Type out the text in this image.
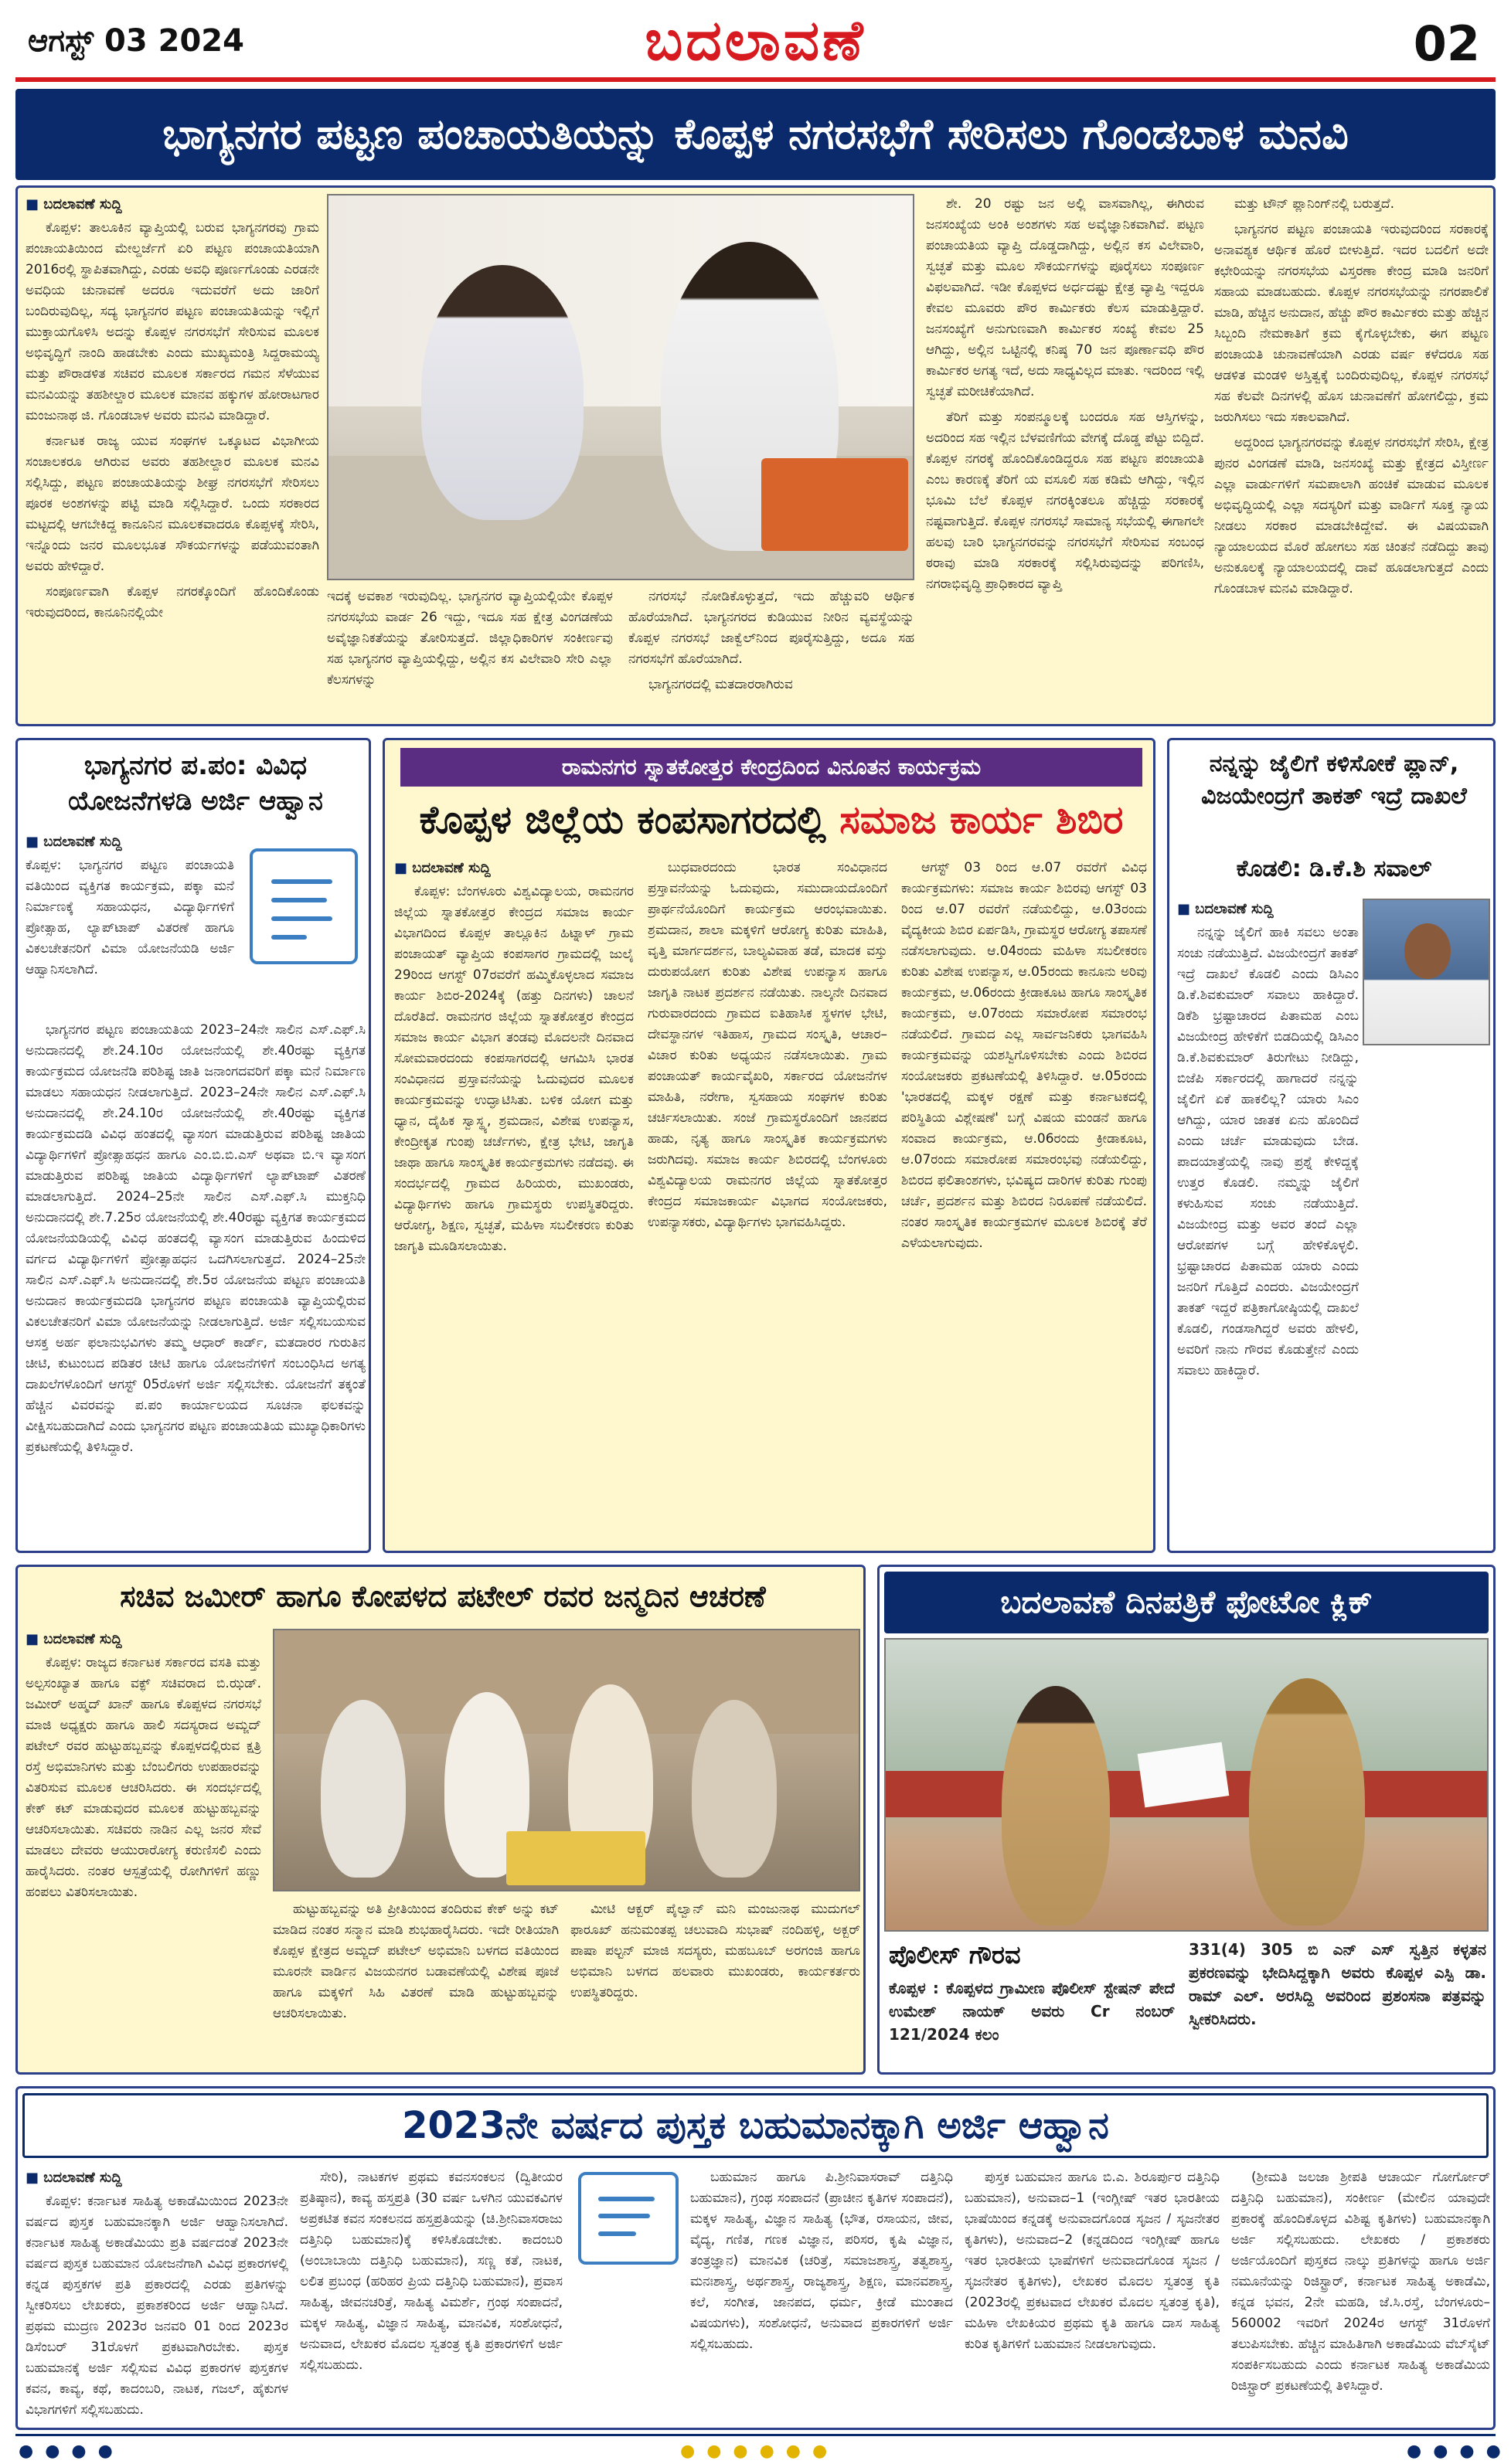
ಆಗಸ್ಟ್ 03 2024	ಬದಲಾವಣೆ	02
ಭಾಗ್ಯನಗರ ಪಟ್ಟಣ ಪಂಚಾಯತಿಯನ್ನು ಕೊಪ್ಪಳ ನಗರಸಭೆಗೆ ಸೇರಿಸಲು ಗೊಂಡಬಾಳ ಮನವಿ
■ ಬದಲಾವಣೆ ಸುದ್ದಿ
ಕೊಪ್ಪಳ: ತಾಲೂಕಿನ ವ್ಯಾಪ್ತಿಯಲ್ಲಿ ಬರುವ ಭಾಗ್ಯನಗರವು ಗ್ರಾಮ ಪಂಚಾಯತಿಯಿಂದ ಮೇಲ್ದರ್ಜೆಗೆ ಏರಿ ಪಟ್ಟಣ ಪಂಚಾಯತಿಯಾಗಿ 2016ರಲ್ಲಿ ಸ್ಥಾಪಿತವಾಗಿದ್ದು, ಎರಡು ಅವಧಿ ಪೂರ್ಣಗೊಂಡು ಎರಡನೇ ಅವಧಿಯ ಚುನಾವಣೆ ಅದರೂ ಇದುವರೆಗೆ ಅದು ಜಾರಿಗೆ ಬಂದಿರುವುದಿಲ್ಲ, ಸದ್ಯ ಭಾಗ್ಯನಗರ ಪಟ್ಟಣ ಪಂಚಾಯತಿಯನ್ನು ಇಲ್ಲಿಗೆ ಮುಕ್ತಾಯಗೊಳಿಸಿ ಅದನ್ನು ಕೊಪ್ಪಳ ನಗರಸಭೆಗೆ ಸೇರಿಸುವ ಮೂಲಕ ಅಭಿವೃದ್ಧಿಗೆ ನಾಂದಿ ಹಾಡಬೇಕು ಎಂದು ಮುಖ್ಯಮಂತ್ರಿ ಸಿದ್ದರಾಮಯ್ಯ ಮತ್ತು ಪೌರಾಡಳಿತ ಸಚಿವರ ಮೂಲಕ ಸರ್ಕಾರದ ಗಮನ ಸೆಳೆಯುವ ಮನವಿಯನ್ನು ತಹಶೀಲ್ದಾರ ಮೂಲಕ ಮಾನವ ಹಕ್ಕುಗಳ ಹೋರಾಟಗಾರ ಮಂಜುನಾಥ ಜಿ. ಗೊಂಡಬಾಳ ಅವರು ಮನವಿ ಮಾಡಿದ್ದಾರೆ.
ಕರ್ನಾಟಕ ರಾಜ್ಯ ಯುವ ಸಂಘಗಳ ಒಕ್ಕೂಟದ ವಿಭಾಗೀಯ ಸಂಚಾಲಕರೂ ಆಗಿರುವ ಅವರು ತಹಶೀಲ್ದಾರ ಮೂಲಕ ಮನವಿ ಸಲ್ಲಿಸಿದ್ದು, ಪಟ್ಟಣ ಪಂಚಾಯತಿಯನ್ನು ಶೀಘ್ರ ನಗರಸಭೆಗೆ ಸೇರಿಸಲು ಪೂರಕ ಅಂಶಗಳನ್ನು ಪಟ್ಟಿ ಮಾಡಿ ಸಲ್ಲಿಸಿದ್ದಾರೆ. ಒಂದು ಸರಕಾರದ ಮಟ್ಟದಲ್ಲಿ ಆಗಬೇಕಿದ್ದ ಕಾನೂನಿನ ಮೂಲಕವಾದರೂ ಕೊಪ್ಪಳಕ್ಕೆ ಸೇರಿಸಿ, ಇನ್ನೊಂದು ಜನರ ಮೂಲಭೂತ ಸೌಕರ್ಯಗಳನ್ನು ಪಡೆಯುವಂತಾಗಿ ಅವರು ಹೇಳಿದ್ದಾರೆ.
ಸಂಪೂರ್ಣವಾಗಿ ಕೊಪ್ಪಳ ನಗರಕ್ಕೊಂದಿಗೆ ಹೊಂದಿಕೊಂಡು ಇರುವುದರಿಂದ, ಕಾನೂನಿನಲ್ಲಿಯೇ
ಇದಕ್ಕೆ ಅವಕಾಶ ಇರುವುದಿಲ್ಲ. ಭಾಗ್ಯನಗರ ವ್ಯಾಪ್ತಿಯಲ್ಲಿಯೇ ಕೊಪ್ಪಳ ನಗರಸಭೆಯ ವಾರ್ಡ 26 ಇದ್ದು, ಇದೂ ಸಹ ಕ್ಷೇತ್ರ ವಿಂಗಡಣೆಯ ಅವೈಜ್ಞಾನಿಕತೆಯನ್ನು ತೋರಿಸುತ್ತದೆ. ಜಿಲ್ಲಾಧಿಕಾರಿಗಳ ಸಂಕೀರ್ಣವು ಸಹ ಭಾಗ್ಯನಗರ ವ್ಯಾಪ್ತಿಯಲ್ಲಿದ್ದು, ಅಲ್ಲಿನ ಕಸ ವಿಲೇವಾರಿ ಸೇರಿ ಎಲ್ಲಾ ಕೆಲಸಗಳನ್ನು
ನಗರಸಭೆ ನೋಡಿಕೊಳ್ಳುತ್ತದೆ, ಇದು ಹೆಚ್ಚುವರಿ ಆರ್ಥಿಕ ಹೊರೆಯಾಗಿದೆ. ಭಾಗ್ಯನಗರದ ಕುಡಿಯುವ ನೀರಿನ ವ್ಯವಸ್ಥೆಯನ್ನು ಕೊಪ್ಪಳ ನಗರಸಭೆ ಜಾಕ್ವೆಲ್‌ನಿಂದ ಪೂರೈಸುತ್ತಿದ್ದು, ಅದೂ ಸಹ ನಗರಸಭೆಗೆ ಹೊರೆಯಾಗಿದೆ.
ಭಾಗ್ಯನಗರದಲ್ಲಿ ಮತದಾರರಾಗಿರುವ
ಶೇ. 20 ರಷ್ಟು ಜನ ಅಲ್ಲಿ ವಾಸವಾಗಿಲ್ಲ, ಈಗಿರುವ ಜನಸಂಖ್ಯೆಯ ಅಂಕಿ ಅಂಶಗಳು ಸಹ ಅವೈಜ್ಞಾನಿಕವಾಗಿವೆ. ಪಟ್ಟಣ ಪಂಚಾಯತಿಯ ವ್ಯಾಪ್ತಿ ದೊಡ್ಡದಾಗಿದ್ದು, ಅಲ್ಲಿನ ಕಸ ವಿಲೇವಾರಿ, ಸ್ವಚ್ಛತೆ ಮತ್ತು ಮೂಲ ಸೌಕರ್ಯಗಳನ್ನು ಪೂರೈಸಲು ಸಂಪೂರ್ಣ ವಿಫಲವಾಗಿದೆ. ಇಡೀ ಕೊಪ್ಪಳದ ಅರ್ಧದಷ್ಟು ಕ್ಷೇತ್ರ ವ್ಯಾಪ್ತಿ ಇದ್ದರೂ ಕೇವಲ ಮೂವರು ಪೌರ ಕಾರ್ಮಿಕರು ಕೆಲಸ ಮಾಡುತ್ತಿದ್ದಾರೆ. ಜನಸಂಖ್ಯೆಗೆ ಅನುಗುಣವಾಗಿ ಕಾರ್ಮಿಕರ ಸಂಖ್ಯೆ ಕೇವಲ 25 ಆಗಿದ್ದು, ಅಲ್ಲಿನ ಒಟ್ಟಿನಲ್ಲಿ ಕನಿಷ್ಠ 70 ಜನ ಪೂರ್ಣಾವಧಿ ಪೌರ ಕಾರ್ಮಿಕರ ಅಗತ್ಯ ಇದೆ, ಅದು ಸಾಧ್ಯವಿಲ್ಲದ ಮಾತು. ಇದರಿಂದ ಇಲ್ಲಿ ಸ್ವಚ್ಛತೆ ಮರೀಚಿಕೆಯಾಗಿದೆ.
ತೆರಿಗೆ ಮತ್ತು ಸಂಪನ್ಮೂಲಕ್ಕೆ ಬಂದರೂ ಸಹ ಆಸ್ತಿಗಳನ್ನು, ಅದರಿಂದ ಸಹ ಇಲ್ಲಿನ ಬೆಳವಣಿಗೆಯ ವೇಗಕ್ಕೆ ದೊಡ್ಡ ಪೆಟ್ಟು ಬಿದ್ದಿದೆ. ಕೊಪ್ಪಳ ನಗರಕ್ಕೆ ಹೊಂದಿಕೊಂಡಿದ್ದರೂ ಸಹ ಪಟ್ಟಣ ಪಂಚಾಯತಿ ಎಂಬ ಕಾರಣಕ್ಕೆ ತೆರಿಗೆ ಯ ವಸೂಲಿ ಸಹ ಕಡಿಮೆ ಆಗಿದ್ದು, ಇಲ್ಲಿನ ಭೂಮಿ ಬೆಲೆ ಕೊಪ್ಪಳ ನಗರಕ್ಕಿಂತಲೂ ಹೆಚ್ಚಿದ್ದು ಸರಕಾರಕ್ಕೆ ನಷ್ಟವಾಗುತ್ತಿದೆ. ಕೊಪ್ಪಳ ನಗರಸಭೆ ಸಾಮಾನ್ಯ ಸಭೆಯಲ್ಲಿ ಈಗಾಗಲೇ ಹಲವು ಬಾರಿ ಭಾಗ್ಯನಗರವನ್ನು ನಗರಸಭೆಗೆ ಸೇರಿಸುವ ಸಂಬಂಧ ಠರಾವು ಮಾಡಿ ಸರಕಾರಕ್ಕೆ ಸಲ್ಲಿಸಿರುವುದನ್ನು ಪರಿಗಣಿಸಿ, ನಗರಾಭಿವೃದ್ಧಿ ಪ್ರಾಧಿಕಾರದ ವ್ಯಾಪ್ತಿ
ಮತ್ತು ಟೌನ್ ಪ್ಲಾನಿಂಗ್‌ನಲ್ಲಿ ಬರುತ್ತದೆ.
ಭಾಗ್ಯನಗರ ಪಟ್ಟಣ ಪಂಚಾಯತಿ ಇರುವುದರಿಂದ ಸರಕಾರಕ್ಕೆ ಅನಾವಶ್ಯಕ ಆರ್ಥಿಕ ಹೊರೆ ಬೀಳುತ್ತಿದೆ. ಇದರ ಬದಲಿಗೆ ಅದೇ ಕಛೇರಿಯನ್ನು ನಗರಸಭೆಯ ವಿಸ್ತರಣಾ ಕೇಂದ್ರ ಮಾಡಿ ಜನರಿಗೆ ಸಹಾಯ ಮಾಡಬಹುದು. ಕೊಪ್ಪಳ ನಗರಸಭೆಯನ್ನು ನಗರಪಾಲಿಕೆ ಮಾಡಿ, ಹೆಚ್ಚಿನ ಅನುದಾನ, ಹೆಚ್ಚು ಪೌರ ಕಾರ್ಮಿಕರು ಮತ್ತು ಹೆಚ್ಚಿನ ಸಿಬ್ಬಂದಿ ನೇಮಕಾತಿಗೆ ಕ್ರಮ ಕೈಗೊಳ್ಳಬೇಕು, ಈಗ ಪಟ್ಟಣ ಪಂಚಾಯತಿ ಚುನಾವಣೆಯಾಗಿ ಎರಡು ವರ್ಷ ಕಳೆದರೂ ಸಹ ಆಡಳಿತ ಮಂಡಳಿ ಅಸ್ತಿತ್ವಕ್ಕೆ ಬಂದಿರುವುದಿಲ್ಲ, ಕೊಪ್ಪಳ ನಗರಸಭೆ ಸಹ ಕೆಲವೇ ದಿನಗಳಲ್ಲಿ ಹೊಸ ಚುನಾವಣೆಗೆ ಹೋಗಲಿದ್ದು, ಕ್ರಮ ಜರುಗಿಸಲು ಇದು ಸಕಾಲವಾಗಿದೆ.
ಅದ್ದರಿಂದ ಭಾಗ್ಯನಗರವನ್ನು ಕೊಪ್ಪಳ ನಗರಸಭೆಗೆ ಸೇರಿಸಿ, ಕ್ಷೇತ್ರ ಪುನರ ವಿಂಗಡಣೆ ಮಾಡಿ, ಜನಸಂಖ್ಯೆ ಮತ್ತು ಕ್ಷೇತ್ರದ ವಿಸ್ತೀರ್ಣ ಎಲ್ಲಾ ವಾರ್ಡುಗಳಿಗೆ ಸಮಪಾಲಾಗಿ ಹಂಚಿಕೆ ಮಾಡುವ ಮೂಲಕ ಅಭಿವೃದ್ಧಿಯಲ್ಲಿ ಎಲ್ಲಾ ಸದಸ್ಯರಿಗೆ ಮತ್ತು ವಾರ್ಡಿಗೆ ಸೂಕ್ತ ನ್ಯಾಯ ನೀಡಲು ಸರಕಾರ ಮಾಡಬೇಕಿದ್ದೇವೆ. ಈ ವಿಷಯವಾಗಿ ನ್ಯಾಯಾಲಯದ ಮೊರೆ ಹೋಗಲು ಸಹ ಚಿಂತನೆ ನಡೆದಿದ್ದು ತಾವು ಅನುಕೂಲಕ್ಕೆ ನ್ಯಾಯಾಲಯದಲ್ಲಿ ದಾವೆ ಹೂಡಲಾಗುತ್ತದೆ ಎಂದು ಗೊಂಡಬಾಳ ಮನವಿ ಮಾಡಿದ್ದಾರೆ.
ಭಾಗ್ಯನಗರ ಪ.ಪಂ: ವಿವಿಧ ಯೋಜನೆಗಳಡಿ ಅರ್ಜಿ ಆಹ್ವಾನ
■ ಬದಲಾವಣೆ ಸುದ್ದಿ
ಕೊಪ್ಪಳ: ಭಾಗ್ಯನಗರ ಪಟ್ಟಣ ಪಂಚಾಯತಿ ವತಿಯಿಂದ ವ್ಯಕ್ತಿಗತ ಕಾರ್ಯಕ್ರಮ, ಪಕ್ಕಾ ಮನೆ ನಿರ್ಮಾಣಕ್ಕೆ ಸಹಾಯಧನ, ವಿದ್ಯಾರ್ಥಿಗಳಿಗೆ ಪ್ರೋತ್ಸಾಹ, ಲ್ಯಾಪ್‌ಟಾಪ್ ವಿತರಣೆ ಹಾಗೂ ವಿಕಲಚೇತನರಿಗೆ ವಿಮಾ ಯೋಜನೆಯಡಿ ಅರ್ಜಿ ಆಹ್ವಾನಿಸಲಾಗಿದೆ.
ಭಾಗ್ಯನಗರ ಪಟ್ಟಣ ಪಂಚಾಯತಿಯ 2023–24ನೇ ಸಾಲಿನ ಎಸ್.ಎಫ್.ಸಿ ಅನುದಾನದಲ್ಲಿ ಶೇ.24.10ರ ಯೋಜನೆಯಲ್ಲಿ ಶೇ.40ರಷ್ಟು ವ್ಯಕ್ತಿಗತ ಕಾರ್ಯಕ್ರಮದ ಯೋಜನೆಡಿ ಪರಿಶಿಷ್ಟ ಜಾತಿ ಜನಾಂಗದವರಿಗೆ ಪಕ್ಕಾ ಮನೆ ನಿರ್ಮಾಣ ಮಾಡಲು ಸಹಾಯಧನ ನೀಡಲಾಗುತ್ತಿದೆ. 2023–24ನೇ ಸಾಲಿನ ಎಸ್.ಎಫ್.ಸಿ ಅನುದಾನದಲ್ಲಿ ಶೇ.24.10ರ ಯೋಜನೆಯಲ್ಲಿ ಶೇ.40ರಷ್ಟು ವ್ಯಕ್ತಿಗತ ಕಾರ್ಯಕ್ರಮದಡಿ ವಿವಿಧ ಹಂತದಲ್ಲಿ ವ್ಯಾಸಂಗ ಮಾಡುತ್ತಿರುವ ಪರಿಶಿಷ್ಟ ಜಾತಿಯ ವಿದ್ಯಾರ್ಥಿಗಳಿಗೆ ಪ್ರೋತ್ಸಾಹಧನ ಹಾಗೂ ಎಂ.ಬಿ.ಬಿ.ಎಸ್ ಅಥವಾ ಬಿ.ಇ ವ್ಯಾಸಂಗ ಮಾಡುತ್ತಿರುವ ಪರಿಶಿಷ್ಟ ಜಾತಿಯ ವಿದ್ಯಾರ್ಥಿಗಳಿಗೆ ಲ್ಯಾಪ್‌ಟಾಪ್ ವಿತರಣೆ ಮಾಡಲಾಗುತ್ತಿದೆ. 2024–25ನೇ ಸಾಲಿನ ಎಸ್.ಎಫ್.ಸಿ ಮುಕ್ತನಿಧಿ ಅನುದಾನದಲ್ಲಿ ಶೇ.7.25ರ ಯೋಜನೆಯಲ್ಲಿ ಶೇ.40ರಷ್ಟು ವ್ಯಕ್ತಿಗತ ಕಾರ್ಯಕ್ರಮದ ಯೋಜನೆಯಡಿಯಲ್ಲಿ ವಿವಿಧ ಹಂತದಲ್ಲಿ ವ್ಯಾಸಂಗ ಮಾಡುತ್ತಿರುವ ಹಿಂದುಳಿದ ವರ್ಗದ ವಿದ್ಯಾರ್ಥಿಗಳಿಗೆ ಪ್ರೋತ್ಸಾಹಧನ ಒದಗಿಸಲಾಗುತ್ತದೆ. 2024–25ನೇ ಸಾಲಿನ ಎಸ್.ಎಫ್.ಸಿ ಅನುದಾನದಲ್ಲಿ ಶೇ.5ರ ಯೋಜನೆಯ ಪಟ್ಟಣ ಪಂಚಾಯತಿ ಅನುದಾನ ಕಾರ್ಯಕ್ರಮದಡಿ ಭಾಗ್ಯನಗರ ಪಟ್ಟಣ ಪಂಚಾಯತಿ ವ್ಯಾಪ್ತಿಯಲ್ಲಿರುವ ವಿಕಲಚೇತನರಿಗೆ ವಿಮಾ ಯೋಜನೆಯನ್ನು ನೀಡಲಾಗುತ್ತಿದೆ. ಅರ್ಜಿ ಸಲ್ಲಿಸಬಯಸುವ ಆಸಕ್ತ ಅರ್ಹ ಫಲಾನುಭವಿಗಳು ತಮ್ಮ ಆಧಾರ್ ಕಾರ್ಡ್, ಮತದಾರರ ಗುರುತಿನ ಚೀಟಿ, ಕುಟುಂಬದ ಪಡಿತರ ಚೀಟಿ ಹಾಗೂ ಯೋಜನೆಗಳಿಗೆ ಸಂಬಂಧಿಸಿದ ಅಗತ್ಯ ದಾಖಲೆಗಳೊಂದಿಗೆ ಆಗಸ್ಟ್ 05ರೊಳಗೆ ಅರ್ಜಿ ಸಲ್ಲಿಸಬೇಕು. ಯೋಜನೆಗೆ ತಕ್ಕಂತೆ ಹೆಚ್ಚಿನ ವಿವರವನ್ನು ಪ.ಪಂ ಕಾರ್ಯಾಲಯದ ಸೂಚನಾ ಫಲಕವನ್ನು ವೀಕ್ಷಿಸಬಹುದಾಗಿದೆ ಎಂದು ಭಾಗ್ಯನಗರ ಪಟ್ಟಣ ಪಂಚಾಯತಿಯ ಮುಖ್ಯಾಧಿಕಾರಿಗಳು ಪ್ರಕಟಣೆಯಲ್ಲಿ ತಿಳಿಸಿದ್ದಾರೆ.
ರಾಮನಗರ ಸ್ನಾತಕೋತ್ತರ ಕೇಂದ್ರದಿಂದ ವಿನೂತನ ಕಾರ್ಯಕ್ರಮ
ಕೊಪ್ಪಳ ಜಿಲ್ಲೆಯ ಕಂಪಸಾಗರದಲ್ಲಿ ಸಮಾಜ ಕಾರ್ಯ ಶಿಬಿರ
■ ಬದಲಾವಣೆ ಸುದ್ದಿ
ಕೊಪ್ಪಳ: ಬೆಂಗಳೂರು ವಿಶ್ವವಿದ್ಯಾಲಯ, ರಾಮನಗರ ಜಿಲ್ಲೆಯ ಸ್ನಾತಕೋತ್ತರ ಕೇಂದ್ರದ ಸಮಾಜ ಕಾರ್ಯ ವಿಭಾಗದಿಂದ ಕೊಪ್ಪಳ ತಾಲ್ಲೂಕಿನ ಹಿಟ್ನಾಳ್ ಗ್ರಾಮ ಪಂಚಾಯತ್ ವ್ಯಾಪ್ತಿಯ ಕಂಪಸಾಗರ ಗ್ರಾಮದಲ್ಲಿ ಜುಲೈ 29ರಿಂದ ಆಗಸ್ಟ್ 07ರವರೆಗೆ ಹಮ್ಮಿಕೊಳ್ಳಲಾದ ಸಮಾಜ ಕಾರ್ಯ ಶಿಬಿರ-2024ಕ್ಕೆ (ಹತ್ತು ದಿನಗಳು) ಚಾಲನೆ ದೊರೆತಿದೆ. ರಾಮನಗರ ಜಿಲ್ಲೆಯ ಸ್ನಾತಕೋತ್ತರ ಕೇಂದ್ರದ ಸಮಾಜ ಕಾರ್ಯ ವಿಭಾಗ ತಂಡವು ಮೊದಲನೇ ದಿನವಾದ ಸೋಮವಾರದಂದು ಕಂಪಸಾಗರದಲ್ಲಿ ಆಗಮಿಸಿ ಭಾರತ ಸಂವಿಧಾನದ ಪ್ರಸ್ತಾವನೆಯನ್ನು ಓದುವುದರ ಮೂಲಕ ಕಾರ್ಯಕ್ರಮವನ್ನು ಉದ್ಘಾಟಿಸಿತು. ಬಳಿಕ ಯೋಗ ಮತ್ತು ಧ್ಯಾನ, ದೈಹಿಕ ಸ್ವಾಸ್ಥ್ಯ, ಶ್ರಮದಾನ, ವಿಶೇಷ ಉಪನ್ಯಾಸ, ಕೇಂದ್ರೀಕೃತ ಗುಂಪು ಚರ್ಚೆಗಳು, ಕ್ಷೇತ್ರ ಭೇಟಿ, ಜಾಗೃತಿ ಜಾಥಾ ಹಾಗೂ ಸಾಂಸ್ಕೃತಿಕ ಕಾರ್ಯಕ್ರಮಗಳು ನಡೆದವು. ಈ ಸಂದರ್ಭದಲ್ಲಿ ಗ್ರಾಮದ ಹಿರಿಯರು, ಮುಖಂಡರು, ವಿದ್ಯಾರ್ಥಿಗಳು ಹಾಗೂ ಗ್ರಾಮಸ್ಥರು ಉಪಸ್ಥಿತರಿದ್ದರು. ಆರೋಗ್ಯ, ಶಿಕ್ಷಣ, ಸ್ವಚ್ಛತೆ, ಮಹಿಳಾ ಸಬಲೀಕರಣ ಕುರಿತು ಜಾಗೃತಿ ಮೂಡಿಸಲಾಯಿತು.
ಬುಧವಾರದಂದು ಭಾರತ ಸಂವಿಧಾನದ ಪ್ರಸ್ತಾವನೆಯನ್ನು ಓದುವುದು, ಸಮುದಾಯದೊಂದಿಗೆ ಪ್ರಾರ್ಥನೆಯೊಂದಿಗೆ ಕಾರ್ಯಕ್ರಮ ಆರಂಭವಾಯಿತು. ಶ್ರಮದಾನ, ಶಾಲಾ ಮಕ್ಕಳಿಗೆ ಆರೋಗ್ಯ ಕುರಿತು ಮಾಹಿತಿ, ವೃತ್ತಿ ಮಾರ್ಗದರ್ಶನ, ಬಾಲ್ಯವಿವಾಹ ತಡೆ, ಮಾದಕ ವಸ್ತು ದುರುಪಯೋಗ ಕುರಿತು ವಿಶೇಷ ಉಪನ್ಯಾಸ ಹಾಗೂ ಜಾಗೃತಿ ನಾಟಕ ಪ್ರದರ್ಶನ ನಡೆಯಿತು. ನಾಲ್ಕನೇ ದಿನವಾದ ಗುರುವಾರದಂದು ಗ್ರಾಮದ ಐತಿಹಾಸಿಕ ಸ್ಥಳಗಳ ಭೇಟಿ, ದೇವಸ್ಥಾನಗಳ ಇತಿಹಾಸ, ಗ್ರಾಮದ ಸಂಸ್ಕೃತಿ, ಆಚಾರ–ವಿಚಾರ ಕುರಿತು ಅಧ್ಯಯನ ನಡೆಸಲಾಯಿತು. ಗ್ರಾಮ ಪಂಚಾಯತ್ ಕಾರ್ಯವೈಖರಿ, ಸರ್ಕಾರದ ಯೋಜನೆಗಳ ಮಾಹಿತಿ, ನರೇಗಾ, ಸ್ವಸಹಾಯ ಸಂಘಗಳ ಕುರಿತು ಚರ್ಚಿಸಲಾಯಿತು. ಸಂಜೆ ಗ್ರಾಮಸ್ಥರೊಂದಿಗೆ ಜಾನಪದ ಹಾಡು, ನೃತ್ಯ ಹಾಗೂ ಸಾಂಸ್ಕೃತಿಕ ಕಾರ್ಯಕ್ರಮಗಳು ಜರುಗಿದವು. ಸಮಾಜ ಕಾರ್ಯ ಶಿಬಿರದಲ್ಲಿ ಬೆಂಗಳೂರು ವಿಶ್ವವಿದ್ಯಾಲಯ ರಾಮನಗರ ಜಿಲ್ಲೆಯ ಸ್ನಾತಕೋತ್ತರ ಕೇಂದ್ರದ ಸಮಾಜಕಾರ್ಯ ವಿಭಾಗದ ಸಂಯೋಜಕರು, ಉಪನ್ಯಾಸಕರು, ವಿದ್ಯಾರ್ಥಿಗಳು ಭಾಗವಹಿಸಿದ್ದರು.
ಆಗಸ್ಟ್ 03 ರಿಂದ ಆ.07 ರವರೆಗೆ ವಿವಿಧ ಕಾರ್ಯಕ್ರಮಗಳು: ಸಮಾಜ ಕಾರ್ಯ ಶಿಬಿರವು ಆಗಸ್ಟ್ 03 ರಿಂದ ಆ.07 ರವರೆಗೆ ನಡೆಯಲಿದ್ದು, ಆ.03ರಂದು ವೈದ್ಯಕೀಯ ಶಿಬಿರ ಏರ್ಪಡಿಸಿ, ಗ್ರಾಮಸ್ಥರ ಆರೋಗ್ಯ ತಪಾಸಣೆ ನಡೆಸಲಾಗುವುದು. ಆ.04ರಂದು ಮಹಿಳಾ ಸಬಲೀಕರಣ ಕುರಿತು ವಿಶೇಷ ಉಪನ್ಯಾಸ, ಆ.05ರಂದು ಕಾನೂನು ಅರಿವು ಕಾರ್ಯಕ್ರಮ, ಆ.06ರಂದು ಕ್ರೀಡಾಕೂಟ ಹಾಗೂ ಸಾಂಸ್ಕೃತಿಕ ಕಾರ್ಯಕ್ರಮ, ಆ.07ರಂದು ಸಮಾರೋಪ ಸಮಾರಂಭ ನಡೆಯಲಿದೆ. ಗ್ರಾಮದ ಎಲ್ಲ ಸಾರ್ವಜನಿಕರು ಭಾಗವಹಿಸಿ ಕಾರ್ಯಕ್ರಮವನ್ನು ಯಶಸ್ವಿಗೊಳಿಸಬೇಕು ಎಂದು ಶಿಬಿರದ ಸಂಯೋಜಕರು ಪ್ರಕಟಣೆಯಲ್ಲಿ ತಿಳಿಸಿದ್ದಾರೆ. ಆ.05ರಂದು 'ಭಾರತದಲ್ಲಿ ಮಕ್ಕಳ ರಕ್ಷಣೆ ಮತ್ತು ಕರ್ನಾಟಕದಲ್ಲಿ ಪರಿಸ್ಥಿತಿಯ ವಿಶ್ಲೇಷಣೆ' ಬಗ್ಗೆ ವಿಷಯ ಮಂಡನೆ ಹಾಗೂ ಸಂವಾದ ಕಾರ್ಯಕ್ರಮ, ಆ.06ರಂದು ಕ್ರೀಡಾಕೂಟ, ಆ.07ರಂದು ಸಮಾರೋಪ ಸಮಾರಂಭವು ನಡೆಯಲಿದ್ದು, ಶಿಬಿರದ ಫಲಿತಾಂಶಗಳು, ಭವಿಷ್ಯದ ದಾರಿಗಳ ಕುರಿತು ಗುಂಪು ಚರ್ಚೆ, ಪ್ರದರ್ಶನ ಮತ್ತು ಶಿಬಿರದ ನಿರೂಪಣೆ ನಡೆಯಲಿದೆ. ನಂತರ ಸಾಂಸ್ಕೃತಿಕ ಕಾರ್ಯಕ್ರಮಗಳ ಮೂಲಕ ಶಿಬಿರಕ್ಕೆ ತೆರೆ ಎಳೆಯಲಾಗುವುದು.
ನನ್ನನ್ನು ಜೈಲಿಗೆ ಕಳಿಸೋಕೆ ಪ್ಲಾನ್, ವಿಜಯೇಂದ್ರಗೆ ತಾಕತ್ ಇದ್ರೆ ದಾಖಲೆ
ಕೊಡಲಿ: ಡಿ.ಕೆ.ಶಿ ಸವಾಲ್
■ ಬದಲಾವಣೆ ಸುದ್ದಿ
ನನ್ನನ್ನು ಜೈಲಿಗೆ ಹಾಕಿ ಸವಲು ಅಂತಾ ಸಂಚು ನಡೆಯುತ್ತಿದೆ. ವಿಜಯೇಂದ್ರಗೆ ತಾಕತ್ ಇದ್ರೆ ದಾಖಲೆ ಕೊಡಲಿ ಎಂದು ಡಿಸಿಎಂ ಡಿ.ಕೆ.ಶಿವಕುಮಾರ್ ಸವಾಲು ಹಾಕಿದ್ದಾರೆ. ಡಿಕೆಶಿ ಭ್ರಷ್ಟಾಚಾರದ ಪಿತಾಮಹ ಎಂಬ ವಿಜಯೇಂದ್ರ ಹೇಳಿಕೆಗೆ ಬಿಡದಿಯಲ್ಲಿ ಡಿಸಿಎಂ ಡಿ.ಕೆ.ಶಿವಕುಮಾರ್ ತಿರುಗೇಟು ನೀಡಿದ್ದು, ಬಿಜೆಪಿ ಸರ್ಕಾರದಲ್ಲಿ ಹಾಗಾದರೆ ನನ್ನನ್ನು ಜೈಲಿಗೆ ಏಕೆ ಹಾಕಲಿಲ್ಲ? ಯಾರು ಸಿಎಂ ಆಗಿದ್ದು, ಯಾರ ಜಾತಕ ಏನು ಹೊಂದಿದೆ ಎಂದು ಚರ್ಚೆ ಮಾಡುವುದು ಬೇಡ. ಪಾದಯಾತ್ರೆಯಲ್ಲಿ ನಾವು ಪ್ರಶ್ನೆ ಕೇಳಿದ್ದಕ್ಕೆ ಉತ್ತರ ಕೊಡಲಿ. ನಮ್ಮನ್ನು ಜೈಲಿಗೆ ಕಳುಹಿಸುವ ಸಂಚು ನಡೆಯುತ್ತಿದೆ. ವಿಜಯೇಂದ್ರ ಮತ್ತು ಅವರ ತಂದೆ ಎಲ್ಲಾ ಆರೋಪಗಳ ಬಗ್ಗೆ ಹೇಳಿಕೊಳ್ಳಲಿ. ಭ್ರಷ್ಟಾಚಾರದ ಪಿತಾಮಹ ಯಾರು ಎಂದು ಜನರಿಗೆ ಗೊತ್ತಿದೆ ಎಂದರು. ವಿಜಯೇಂದ್ರಗೆ ತಾಕತ್ ಇದ್ದರೆ ಪತ್ರಿಕಾಗೋಷ್ಠಿಯಲ್ಲಿ ದಾಖಲೆ ಕೊಡಲಿ, ಗಂಡಸಾಗಿದ್ದರೆ ಅವರು ಹೇಳಲಿ, ಅವರಿಗೆ ನಾನು ಗೌರವ ಕೊಡುತ್ತೇನೆ ಎಂದು ಸವಾಲು ಹಾಕಿದ್ದಾರೆ.
ಸಚಿವ ಜಮೀರ್ ಹಾಗೂ ಕೋಪಳದ ಪಟೇಲ್ ರವರ ಜನ್ಮದಿನ ಆಚರಣೆ
■ ಬದಲಾವಣೆ ಸುದ್ದಿ
ಕೊಪ್ಪಳ: ರಾಜ್ಯದ ಕರ್ನಾಟಕ ಸರ್ಕಾರದ ವಸತಿ ಮತ್ತು ಅಲ್ಪಸಂಖ್ಯಾತ ಹಾಗೂ ವಕ್ಫ್ ಸಚಿವರಾದ ಬಿ.ಝಡ್. ಜಮೀರ್ ಅಹ್ಮದ್ ಖಾನ್ ಹಾಗೂ ಕೊಪ್ಪಳದ ನಗರಸಭೆ ಮಾಜಿ ಅಧ್ಯಕ್ಷರು ಹಾಗೂ ಹಾಲಿ ಸದಸ್ಯರಾದ ಅಮ್ಜದ್ ಪಟೇಲ್ ರವರ ಹುಟ್ಟುಹಬ್ಬವನ್ನು ಕೊಪ್ಪಳದಲ್ಲಿರುವ ಕ್ಷತ್ರಿ ರಸ್ತೆ ಅಭಿಮಾನಿಗಳು ಮತ್ತು ಬೆಂಬಲಿಗರು ಉಪಹಾರವನ್ನು ವಿತರಿಸುವ ಮೂಲಕ ಆಚರಿಸಿದರು. ಈ ಸಂದರ್ಭದಲ್ಲಿ ಕೇಕ್ ಕಟ್ ಮಾಡುವುದರ ಮೂಲಕ ಹುಟ್ಟುಹಬ್ಬವನ್ನು ಆಚರಿಸಲಾಯಿತು. ಸಚಿವರು ನಾಡಿನ ಎಲ್ಲ ಜನರ ಸೇವೆ ಮಾಡಲು ದೇವರು ಆಯುರಾರೋಗ್ಯ ಕರುಣಿಸಲಿ ಎಂದು ಹಾರೈಸಿದರು. ನಂತರ ಆಸ್ಪತ್ರೆಯಲ್ಲಿ ರೋಗಿಗಳಿಗೆ ಹಣ್ಣು ಹಂಪಲು ವಿತರಿಸಲಾಯಿತು.
ಹುಟ್ಟುಹಬ್ಬವನ್ನು ಅತಿ ಪ್ರೀತಿಯಿಂದ ತಂದಿರುವ ಕೇಕ್ ಅನ್ನು ಕಟ್ ಮಾಡಿದ ನಂತರ ಸನ್ಮಾನ ಮಾಡಿ ಶುಭಹಾರೈಸಿದರು. ಇದೇ ರೀತಿಯಾಗಿ ಕೊಪ್ಪಳ ಕ್ಷೇತ್ರದ ಅಮ್ಜದ್ ಪಟೇಲ್ ಅಭಿಮಾನಿ ಬಳಗದ ವತಿಯಿಂದ ಮೂರನೇ ವಾರ್ಡಿನ ವಿಜಯನಗರ ಬಡಾವಣೆಯಲ್ಲಿ ವಿಶೇಷ ಪೂಜೆ ಹಾಗೂ ಮಕ್ಕಳಿಗೆ ಸಿಹಿ ವಿತರಣೆ ಮಾಡಿ ಹುಟ್ಟುಹಬ್ಬವನ್ನು ಆಚರಿಸಲಾಯಿತು.
ಮೀಟಿ ಆಕ್ಬರ್ ಪೈಲ್ವಾನ್ ಮನಿ ಮಂಜುನಾಥ ಮುದುಗಲ್ ಫಾರೂಖ್ ಹನುಮಂತಪ್ಪ ಚಲುವಾದಿ ಸುಭಾಷ್ ನಂದಿಹಳ್ಳಿ, ಅಕ್ಬರ್ ಪಾಷಾ ಪಲ್ಟನ್ ಮಾಜಿ ಸದಸ್ಯರು, ಮಹಬೂಬ್ ಅರಗಂಜಿ ಹಾಗೂ ಅಭಿಮಾನಿ ಬಳಗದ ಹಲವಾರು ಮುಖಂಡರು, ಕಾರ್ಯಕರ್ತರು ಉಪಸ್ಥಿತರಿದ್ದರು.
ಬದಲಾವಣೆ ದಿನಪತ್ರಿಕೆ ಫೋಟೋ ಕ್ಲಿಕ್
ಪೊಲೀಸ್ ಗೌರವ
ಕೊಪ್ಪಳ : ಕೊಪ್ಪಳದ ಗ್ರಾಮೀಣ ಪೊಲೀಸ್ ಸ್ಟೇಷನ್ ಪೇದೆ ಉಮೇಶ್ ನಾಯಕ್ ಅವರು Cr ನಂಬರ್ 121/2024 ಕಲಂ
331(4) 305 ಬಿ ಎನ್ ಎಸ್ ಸ್ವತ್ತಿನ ಕಳ್ಳತನ ಪ್ರಕರಣವನ್ನು ಭೇದಿಸಿದ್ದಕ್ಕಾಗಿ ಅವರು ಕೊಪ್ಪಳ ಎಸ್ಪಿ ಡಾ. ರಾಮ್ ಎಲ್. ಅರಸಿದ್ದಿ ಅವರಿಂದ ಪ್ರಶಂಸನಾ ಪತ್ರವನ್ನು ಸ್ವೀಕರಿಸಿದರು.
2023ನೇ ವರ್ಷದ ಪುಸ್ತಕ ಬಹುಮಾನಕ್ಕಾಗಿ ಅರ್ಜಿ ಆಹ್ವಾನ
■ ಬದಲಾವಣೆ ಸುದ್ದಿ
ಕೊಪ್ಪಳ: ಕರ್ನಾಟಕ ಸಾಹಿತ್ಯ ಅಕಾಡೆಮಿಯಿಂದ 2023ನೇ ವರ್ಷದ ಪುಸ್ತಕ ಬಹುಮಾನಕ್ಕಾಗಿ ಅರ್ಜಿ ಆಹ್ವಾನಿಸಲಾಗಿದೆ. ಕರ್ನಾಟಕ ಸಾಹಿತ್ಯ ಅಕಾಡೆಮಿಯು ಪ್ರತಿ ವರ್ಷದಂತೆ 2023ನೇ ವರ್ಷದ ಪುಸ್ತಕ ಬಹುಮಾನ ಯೋಜನೆಗಾಗಿ ವಿವಿಧ ಪ್ರಕಾರಗಳಲ್ಲಿ ಕನ್ನಡ ಪುಸ್ತಕಗಳ ಪ್ರತಿ ಪ್ರಕಾರದಲ್ಲಿ ಎರಡು ಪ್ರತಿಗಳನ್ನು ಸ್ವೀಕರಿಸಲು ಲೇಖಕರು, ಪ್ರಕಾಶಕರಿಂದ ಅರ್ಜಿ ಆಹ್ವಾನಿಸಿದೆ. ಪ್ರಥಮ ಮುದ್ರಣ 2023ರ ಜನವರಿ 01 ರಿಂದ 2023ರ ಡಿಸೆಂಬರ್ 31ರೊಳಗೆ ಪ್ರಕಟವಾಗಿರಬೇಕು. ಪುಸ್ತಕ ಬಹುಮಾನಕ್ಕೆ ಅರ್ಜಿ ಸಲ್ಲಿಸುವ ವಿವಿಧ ಪ್ರಕಾರಗಳ ಪುಸ್ತಕಗಳ ಕವನ, ಕಾವ್ಯ, ಕಥೆ, ಕಾದಂಬರಿ, ನಾಟಕ, ಗಜಲ್, ಹೈಕುಗಳ ವಿಭಾಗಗಳಿಗೆ ಸಲ್ಲಿಸಬಹುದು.
ಸೇರಿ), ನಾಟಕಗಳ ಪ್ರಥಮ ಕವನಸಂಕಲನ (ದ್ವಿತೀಯರ ಪ್ರತಿಷ್ಠಾನ), ಕಾವ್ಯ ಹಸ್ತಪ್ರತಿ (30 ವರ್ಷ ಒಳಗಿನ ಯುವಕವಿಗಳ ಅಪ್ರಕಟಿತ ಕವನ ಸಂಕಲನದ ಹಸ್ತಪ್ರತಿಯನ್ನು (ಚಿ.ಶ್ರೀನಿವಾಸರಾಜು ದತ್ತಿನಿಧಿ ಬಹುಮಾನ)ಕ್ಕೆ ಕಳಿಸಿಕೊಡಬೇಕು. ಕಾದಂಬರಿ (ಅಂಬಾಬಾಯಿ ದತ್ತಿನಿಧಿ ಬಹುಮಾನ), ಸಣ್ಣ ಕತೆ, ನಾಟಕ, ಲಲಿತ ಪ್ರಬಂಧ (ಹರಿಹರ ಪ್ರಿಯ ದತ್ತಿನಿಧಿ ಬಹುಮಾನ), ಪ್ರವಾಸ ಸಾಹಿತ್ಯ, ಜೀವನಚರಿತ್ರೆ, ಸಾಹಿತ್ಯ ವಿಮರ್ಶೆ, ಗ್ರಂಥ ಸಂಪಾದನೆ, ಮಕ್ಕಳ ಸಾಹಿತ್ಯ, ವಿಜ್ಞಾನ ಸಾಹಿತ್ಯ, ಮಾನವಿಕ, ಸಂಶೋಧನೆ, ಅನುವಾದ, ಲೇಖಕರ ಮೊದಲ ಸ್ವತಂತ್ರ ಕೃತಿ ಪ್ರಕಾರಗಳಿಗೆ ಅರ್ಜಿ ಸಲ್ಲಿಸಬಹುದು.
ಬಹುಮಾನ ಹಾಗೂ ಪಿ.ಶ್ರೀನಿವಾಸರಾವ್ ದತ್ತಿನಿಧಿ ಬಹುಮಾನ), ಗ್ರಂಥ ಸಂಪಾದನೆ (ಪ್ರಾಚೀನ ಕೃತಿಗಳ ಸಂಪಾದನೆ), ಮಕ್ಕಳ ಸಾಹಿತ್ಯ, ವಿಜ್ಞಾನ ಸಾಹಿತ್ಯ (ಭೌತ, ರಸಾಯನ, ಜೀವ, ವೈದ್ಯ, ಗಣಿತ, ಗಣಕ ವಿಜ್ಞಾನ, ಪರಿಸರ, ಕೃಷಿ ವಿಜ್ಞಾನ, ತಂತ್ರಜ್ಞಾನ) ಮಾನವಿಕ (ಚರಿತ್ರೆ, ಸಮಾಜಶಾಸ್ತ್ರ, ತತ್ವಶಾಸ್ತ್ರ, ಮನಃಶಾಸ್ತ್ರ, ಅರ್ಥಶಾಸ್ತ್ರ, ರಾಜ್ಯಶಾಸ್ತ್ರ, ಶಿಕ್ಷಣ, ಮಾನವಶಾಸ್ತ್ರ, ಕಲೆ, ಸಂಗೀತ, ಜಾನಪದ, ಧರ್ಮ, ಕ್ರೀಡೆ ಮುಂತಾದ ವಿಷಯಗಳು), ಸಂಶೋಧನೆ, ಅನುವಾದ ಪ್ರಕಾರಗಳಿಗೆ ಅರ್ಜಿ ಸಲ್ಲಿಸಬಹುದು.
ಪುಸ್ತಕ ಬಹುಮಾನ ಹಾಗೂ ಬಿ.ಎ. ಶಿರೂರ್ಪುರ ದತ್ತಿನಿಧಿ ಬಹುಮಾನ), ಅನುವಾದ–1 (ಇಂಗ್ಲೀಷ್ ಇತರ ಭಾರತೀಯ ಭಾಷೆಯಿಂದ ಕನ್ನಡಕ್ಕೆ ಅನುವಾದಗೊಂಡ ಸೃಜನ / ಸೃಜನೇತರ ಕೃತಿಗಳು), ಅನುವಾದ–2 (ಕನ್ನಡದಿಂದ ಇಂಗ್ಲೀಷ್ ಹಾಗೂ ಇತರ ಭಾರತೀಯ ಭಾಷೆಗಳಿಗೆ ಅನುವಾದಗೊಂಡ ಸೃಜನ / ಸೃಜನೇತರ ಕೃತಿಗಳು), ಲೇಖಕರ ಮೊದಲ ಸ್ವತಂತ್ರ ಕೃತಿ (2023ರಲ್ಲಿ ಪ್ರಕಟವಾದ ಲೇಖಕರ ಮೊದಲ ಸ್ವತಂತ್ರ ಕೃತಿ), ಮಹಿಳಾ ಲೇಖಕಿಯರ ಪ್ರಥಮ ಕೃತಿ ಹಾಗೂ ದಾಸ ಸಾಹಿತ್ಯ ಕುರಿತ ಕೃತಿಗಳಿಗೆ ಬಹುಮಾನ ನೀಡಲಾಗುವುದು.
(ಶ್ರೀಮತಿ ಜಲಜಾ ಶ್ರೀಪತಿ ಆಚಾರ್ಯ ಗೋರ್ಗೋರ್ ದತ್ತಿನಿಧಿ ಬಹುಮಾನ), ಸಂಕೀರ್ಣ (ಮೇಲಿನ ಯಾವುದೇ ಪ್ರಕಾರಕ್ಕೆ ಹೊಂದಿಕೊಳ್ಳದ ವಿಶಿಷ್ಟ ಕೃತಿಗಳು) ಬಹುಮಾನಕ್ಕಾಗಿ ಅರ್ಜಿ ಸಲ್ಲಿಸಬಹುದು. ಲೇಖಕರು / ಪ್ರಕಾಶಕರು ಅರ್ಜಿಯೊಂದಿಗೆ ಪುಸ್ತಕದ ನಾಲ್ಕು ಪ್ರತಿಗಳನ್ನು ಹಾಗೂ ಅರ್ಜಿ ನಮೂನೆಯನ್ನು ರಿಜಿಸ್ಟ್ರಾರ್, ಕರ್ನಾಟಕ ಸಾಹಿತ್ಯ ಅಕಾಡೆಮಿ, ಕನ್ನಡ ಭವನ, 2ನೇ ಮಹಡಿ, ಜೆ.ಸಿ.ರಸ್ತೆ, ಬೆಂಗಳೂರು–560002 ಇವರಿಗೆ 2024ರ ಆಗಸ್ಟ್ 31ರೊಳಗೆ ತಲುಪಿಸಬೇಕು. ಹೆಚ್ಚಿನ ಮಾಹಿತಿಗಾಗಿ ಅಕಾಡೆಮಿಯ ವೆಬ್‌ಸೈಟ್ ಸಂಪರ್ಕಿಸಬಹುದು ಎಂದು ಕರ್ನಾಟಕ ಸಾಹಿತ್ಯ ಅಕಾಡೆಮಿಯ ರಿಜಿಸ್ಟ್ರಾರ್ ಪ್ರಕಟಣೆಯಲ್ಲಿ ತಿಳಿಸಿದ್ದಾರೆ.
● ● ● ●	● ● ● ● ● ●	● ● ● ●
